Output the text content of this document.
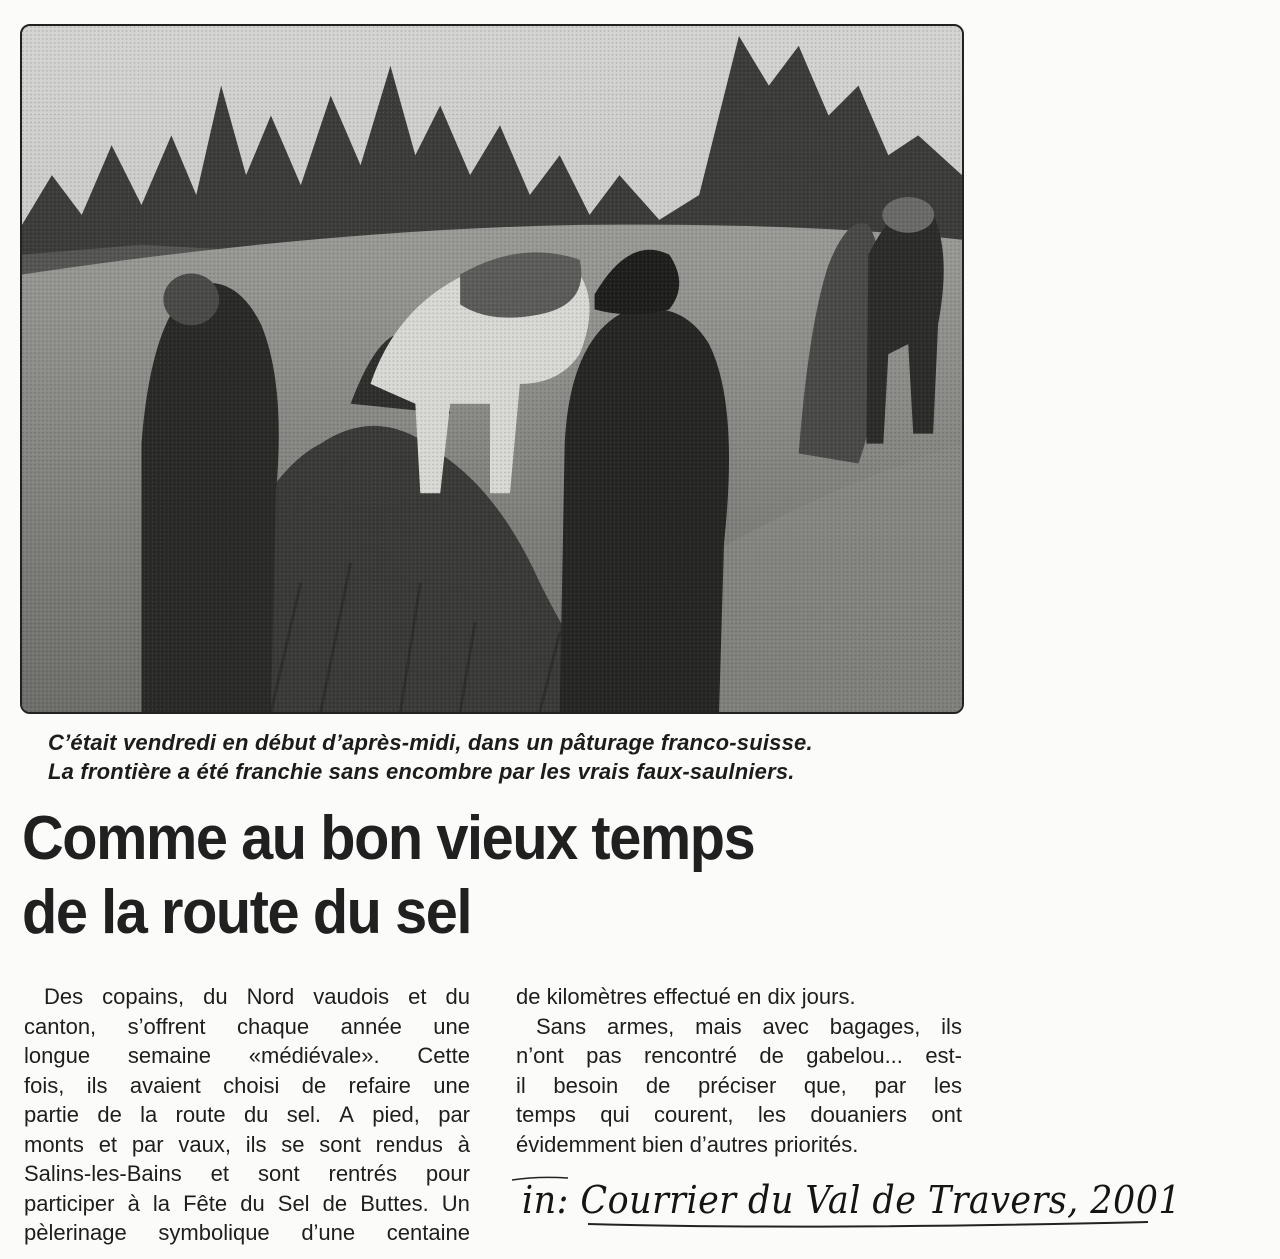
C’était vendredi en début d’après-midi, dans un pâturage franco-suisse.
La frontière a été franchie sans encombre par les vrais faux-saulniers.
Comme au bon vieux temps
de la route du sel
Des copains, du Nord vaudois et du
canton, s’offrent chaque année une
longue semaine «médiévale». Cette
fois, ils avaient choisi de refaire une
partie de la route du sel. A pied, par
monts et par vaux, ils se sont rendus à
Salins-les-Bains et sont rentrés pour
participer à la Fête du Sel de Buttes. Un
pèlerinage symbolique d’une centaine
de kilomètres effectué en dix jours.
Sans armes, mais avec bagages, ils
n’ont pas rencontré de gabelou... est-
il besoin de préciser que, par les
temps qui courent, les douaniers ont
évidemment bien d’autres priorités.
in: Courrier du Val de Travers, 2001
